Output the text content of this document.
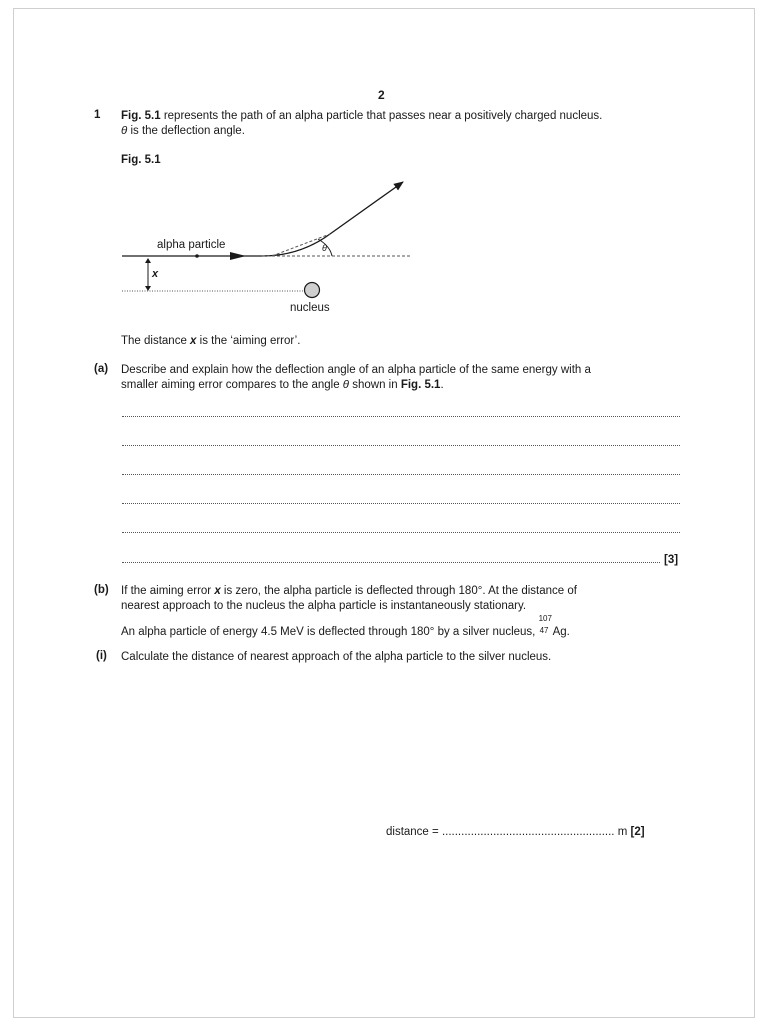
2
1 Fig. 5.1 represents the path of an alpha particle that passes near a positively charged nucleus.
θ is the deflection angle.
Fig. 5.1
alpha particle
x
θ
nucleus
The distance x is the ‘aiming error’.
(a) Describe and explain how the deflection angle of an alpha particle of the same energy with a
smaller aiming error compares to the angle θ shown in Fig. 5.1.
[3]
(b) If the aiming error x is zero, the alpha particle is deflected through 180°. At the distance of
nearest approach to the nucleus the alpha particle is instantaneously stationary.
An alpha particle of energy 4.5 MeV is deflected through 180° by a silver nucleus,
107
47 Ag.
(i) Calculate the distance of nearest approach of the alpha particle to the silver nucleus.
distance = ...................................................... m [2]
